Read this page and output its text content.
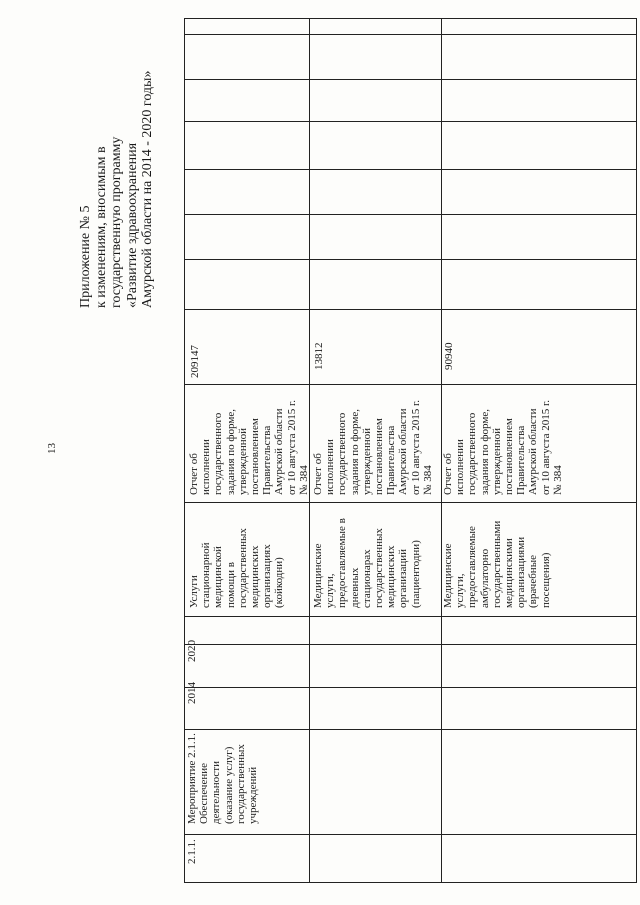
13
Приложение № 5 к изменениям, вносимым в государственную программу «Развитие здравоохранения Амурской области на 2014 - 2020 годы»
2.1.1.
Мероприятие 2.1.1. Обеспечение деятельности (оказание услуг) государственных учреждений
2014
2020
Услуги стационарной медицинской помощи в государственных медицинских организациях (койкодни)
Отчет об исполнении государственного задания по форме, утвержденной постановлением Правительства Амурской области от 10 августа 2015 г. № 384
209147
Медицинские услуги, предоставляемые в дневных стационарах государственных медицинских организаций (пациентодни)
Отчет об исполнении государственного задания по форме, утвержденной постановлением Правительства Амурской области от 10 августа 2015 г. № 384
13812
Медицинские услуги, предоставляемые амбулаторно государственными медицинскими организациями (врачебные посещения)
Отчет об исполнении государственного задания по форме, утвержденной постановлением Правительства Амурской области от 10 августа 2015 г. № 384
90940
